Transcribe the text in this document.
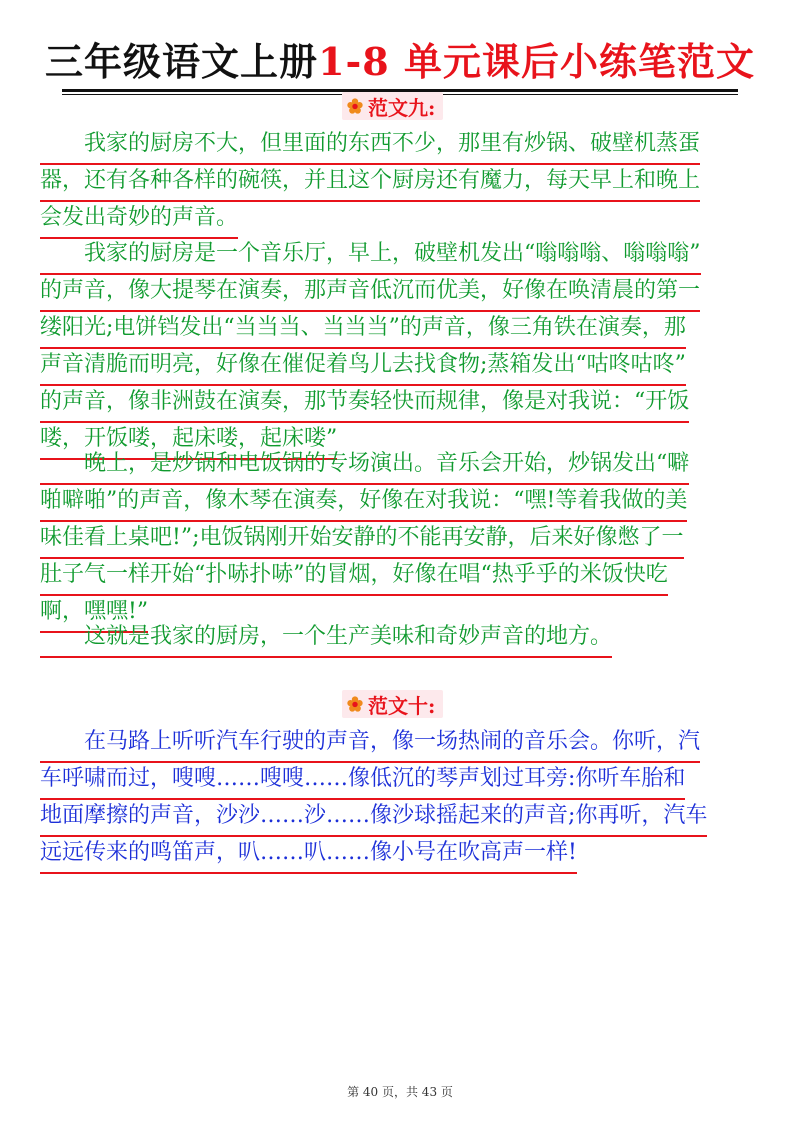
三年级语文上册1-8 单元课后小练笔范文
范文九:
　　我家的厨房不大，但里面的东西不少，那里有炒锅、破壁机蒸蛋
器，还有各种各样的碗筷，并且这个厨房还有魔力，每天早上和晚上
会发出奇妙的声音。
　　我家的厨房是一个音乐厅，早上，破壁机发出“嗡嗡嗡、嗡嗡嗡”
的声音，像大提琴在演奏，那声音低沉而优美，好像在唤清晨的第一
缕阳光;电饼铛发出“当当当、当当当”的声音，像三角铁在演奏，那
声音清脆而明亮，好像在催促着鸟儿去找食物;蒸箱发出“咕咚咕咚”
的声音，像非洲鼓在演奏，那节奏轻快而规律，像是对我说：“开饭
喽，开饭喽，起床喽，起床喽”
　　晚上，是炒锅和电饭锅的专场演出。音乐会开始，炒锅发出“噼
啪噼啪”的声音，像木琴在演奏，好像在对我说：“嘿!等着我做的美
味佳看上桌吧!”;电饭锅刚开始安静的不能再安静，后来好像憋了一
肚子气一样开始“扑哧扑哧”的冒烟，好像在唱“热乎乎的米饭快吃
啊，嘿嘿!”
　　这就是我家的厨房，一个生产美味和奇妙声音的地方。
范文十:
　　在马路上听听汽车行驶的声音，像一场热闹的音乐会。你听，汽
车呼啸而过，嗖嗖……嗖嗖……像低沉的琴声划过耳旁:你听车胎和
地面摩擦的声音，沙沙……沙……像沙球摇起来的声音;你再听，汽车
远远传来的鸣笛声，叭……叭……像小号在吹高声一样!
第 40 页，共 43 页
